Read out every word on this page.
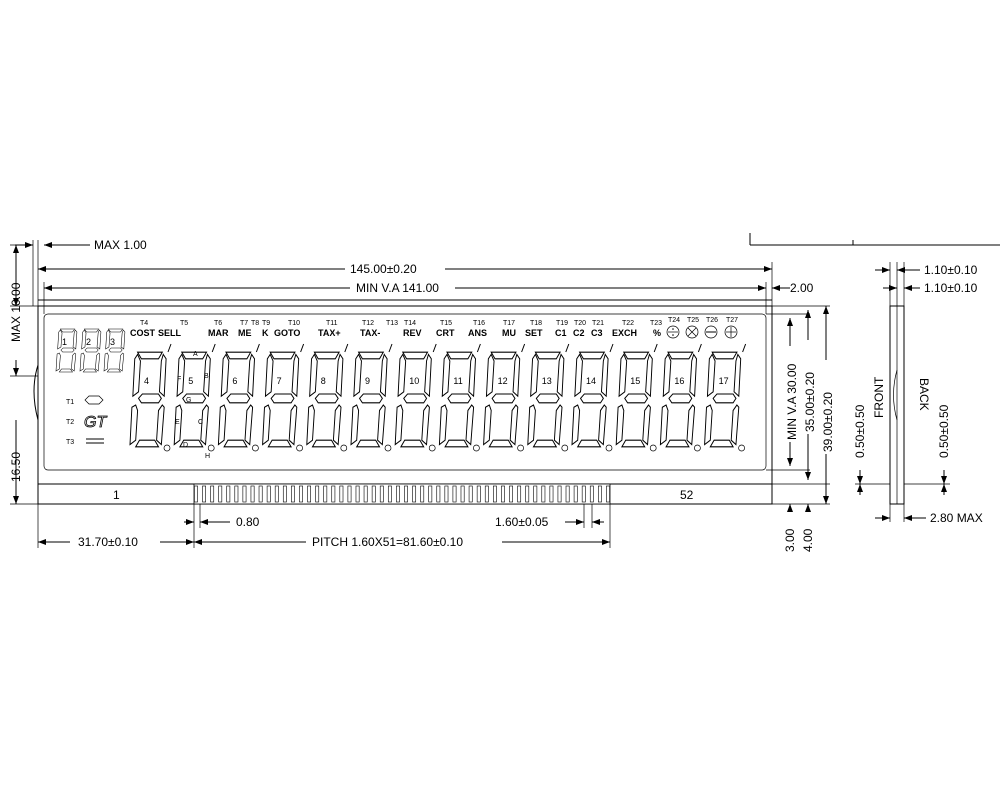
1	52
T4	T5	T6	T7 T8 T9	T10	T11	T12 T13 T14	T15	T16	T17 T18 T19 T20 T21	T22 T23 T24 T25 T26 T27
COST SELL	MAR ME K GOTO TAX+ TAX-	REV CRT ANS MU SET C1 C2 C3 EXCH %
1 2 3
T1
T2 GT
T3
4	5	6	7	8	9	10	11	12	13	14	15	16	17
A
B
C
D
E
F
G
H
MAX 1.00
145.00±0.20
MIN V.A 141.00	2.00
MAX 10.00
16.50
MIN V.A 30.00 35.00±0.20 39.00±0.20
3.00 4.00
0.80	1.60±0.05
31.70±0.10	PITCH 1.60X51=81.60±0.10
1.10±0.10
1.10±0.10
FRONT	BACK
0.50±0.50	0.50±0.50
2.80 MAX
